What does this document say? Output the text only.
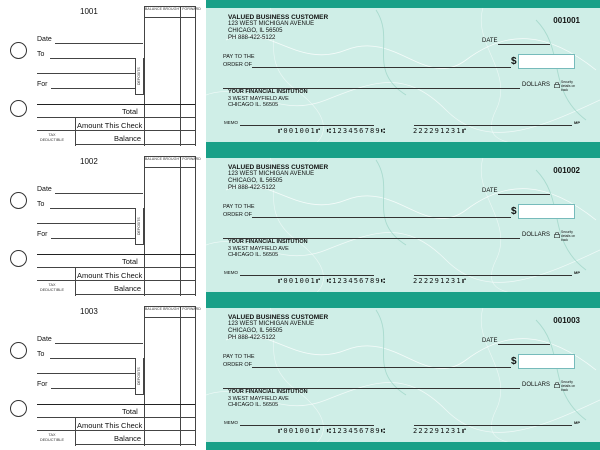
1001
Date
To
For	DEPOSITS
BALANCE BROUGHT FORWARD
Total
Amount This Check
TAX DEDUCTIBLE	Balance
VALUED BUSINESS CUSTOMER
123 WEST MICHIGAN AVENUE
CHICAGO, IL 56505
PH 888-422-5122
001001
DATE
PAY TO THE
ORDER OF	$
DOLLARS	Security details on back
YOUR FINANCIAL INSITUTION
3 WEST MAYFIELD AVE
CHICAGO IL. 56505
MEMO	MP
⑈001001⑈ ⑆123456789⑆	222291231⑈
1002
Date
To
For	DEPOSITS
BALANCE BROUGHT FORWARD
Total
Amount This Check
TAX DEDUCTIBLE	Balance
VALUED BUSINESS CUSTOMER
123 WEST MICHIGAN AVENUE
CHICAGO, IL 56505
PH 888-422-5122
001002
DATE
PAY TO THE
ORDER OF	$
DOLLARS	Security details on back
YOUR FINANCIAL INSITUTION
3 WEST MAYFIELD AVE
CHICAGO IL. 56505
MEMO	MP
⑈001001⑈ ⑆123456789⑆	222291231⑈
1003
Date
To
For	DEPOSITS
BALANCE BROUGHT FORWARD
Total
Amount This Check
TAX DEDUCTIBLE	Balance
VALUED BUSINESS CUSTOMER
123 WEST MICHIGAN AVENUE
CHICAGO, IL 56505
PH 888-422-5122
001003
DATE
PAY TO THE
ORDER OF	$
DOLLARS	Security details on back
YOUR FINANCIAL INSITUTION
3 WEST MAYFIELD AVE
CHICAGO IL. 56505
MEMO	MP
⑈001001⑈ ⑆123456789⑆	222291231⑈
